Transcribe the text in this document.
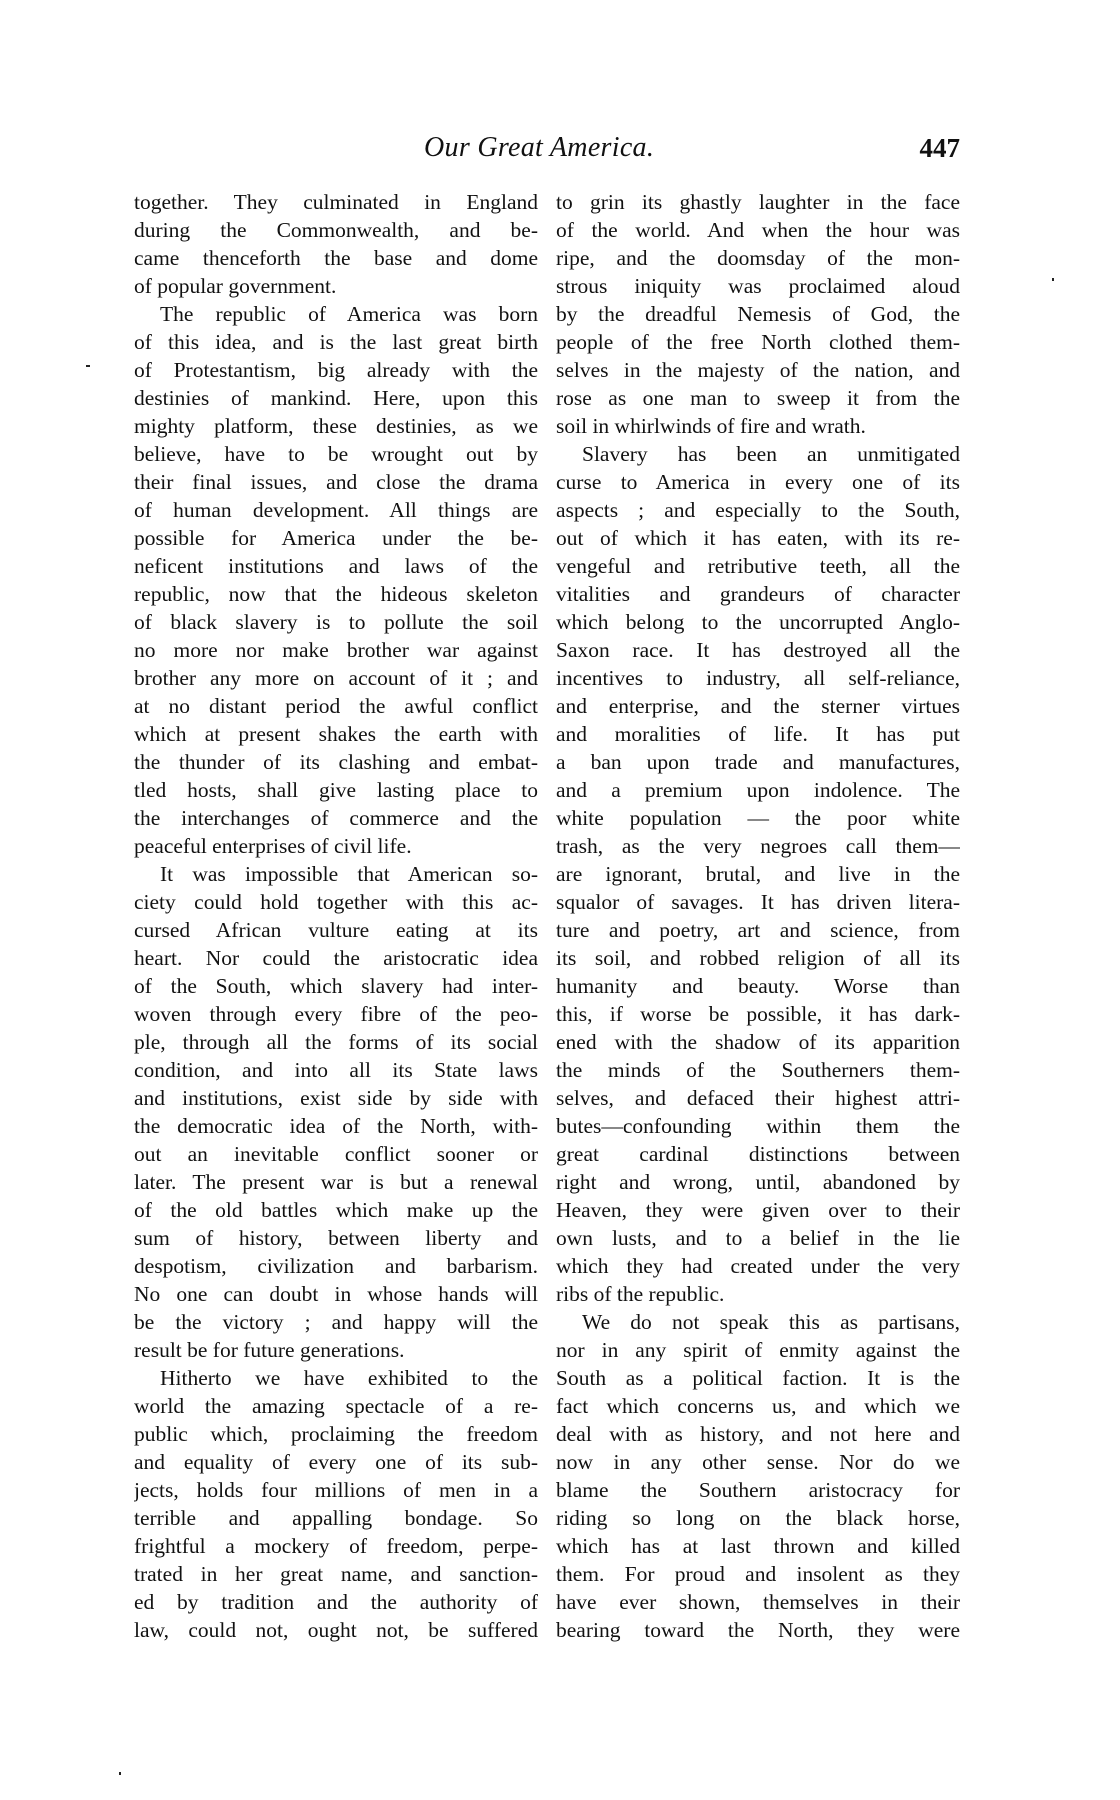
Our Great America.	447
together. They culminated in England
during the Commonwealth, and be-
came thenceforth the base and dome
of popular government.
The republic of America was born
of this idea, and is the last great birth
of Protestantism, big already with the
destinies of mankind. Here, upon this
mighty platform, these destinies, as we
believe, have to be wrought out by
their final issues, and close the drama
of human development. All things are
possible for America under the be-
neficent institutions and laws of the
republic, now that the hideous skeleton
of black slavery is to pollute the soil
no more nor make brother war against
brother any more on account of it ; and
at no distant period the awful conflict
which at present shakes the earth with
the thunder of its clashing and embat-
tled hosts, shall give lasting place to
the interchanges of commerce and the
peaceful enterprises of civil life.
It was impossible that American so-
ciety could hold together with this ac-
cursed African vulture eating at its
heart. Nor could the aristocratic idea
of the South, which slavery had inter-
woven through every fibre of the peo-
ple, through all the forms of its social
condition, and into all its State laws
and institutions, exist side by side with
the democratic idea of the North, with-
out an inevitable conflict sooner or
later. The present war is but a renewal
of the old battles which make up the
sum of history, between liberty and
despotism, civilization and barbarism.
No one can doubt in whose hands will
be the victory ; and happy will the
result be for future generations.
Hitherto we have exhibited to the
world the amazing spectacle of a re-
public which, proclaiming the freedom
and equality of every one of its sub-
jects, holds four millions of men in a
terrible and appalling bondage. So
frightful a mockery of freedom, perpe-
trated in her great name, and sanction-
ed by tradition and the authority of
law, could not, ought not, be suffered
to grin its ghastly laughter in the face
of the world. And when the hour was
ripe, and the doomsday of the mon-
strous iniquity was proclaimed aloud
by the dreadful Nemesis of God, the
people of the free North clothed them-
selves in the majesty of the nation, and
rose as one man to sweep it from the
soil in whirlwinds of fire and wrath.
Slavery has been an unmitigated
curse to America in every one of its
aspects ; and especially to the South,
out of which it has eaten, with its re-
vengeful and retributive teeth, all the
vitalities and grandeurs of character
which belong to the uncorrupted Anglo-
Saxon race. It has destroyed all the
incentives to industry, all self-reliance,
and enterprise, and the sterner virtues
and moralities of life. It has put
a ban upon trade and manufactures,
and a premium upon indolence. The
white population — the poor white
trash, as the very negroes call them—
are ignorant, brutal, and live in the
squalor of savages. It has driven litera-
ture and poetry, art and science, from
its soil, and robbed religion of all its
humanity and beauty. Worse than
this, if worse be possible, it has dark-
ened with the shadow of its apparition
the minds of the Southerners them-
selves, and defaced their highest attri-
butes—confounding within them the
great cardinal distinctions between
right and wrong, until, abandoned by
Heaven, they were given over to their
own lusts, and to a belief in the lie
which they had created under the very
ribs of the republic.
We do not speak this as partisans,
nor in any spirit of enmity against the
South as a political faction. It is the
fact which concerns us, and which we
deal with as history, and not here and
now in any other sense. Nor do we
blame the Southern aristocracy for
riding so long on the black horse,
which has at last thrown and killed
them. For proud and insolent as they
have ever shown, themselves in their
bearing toward the North, they were
